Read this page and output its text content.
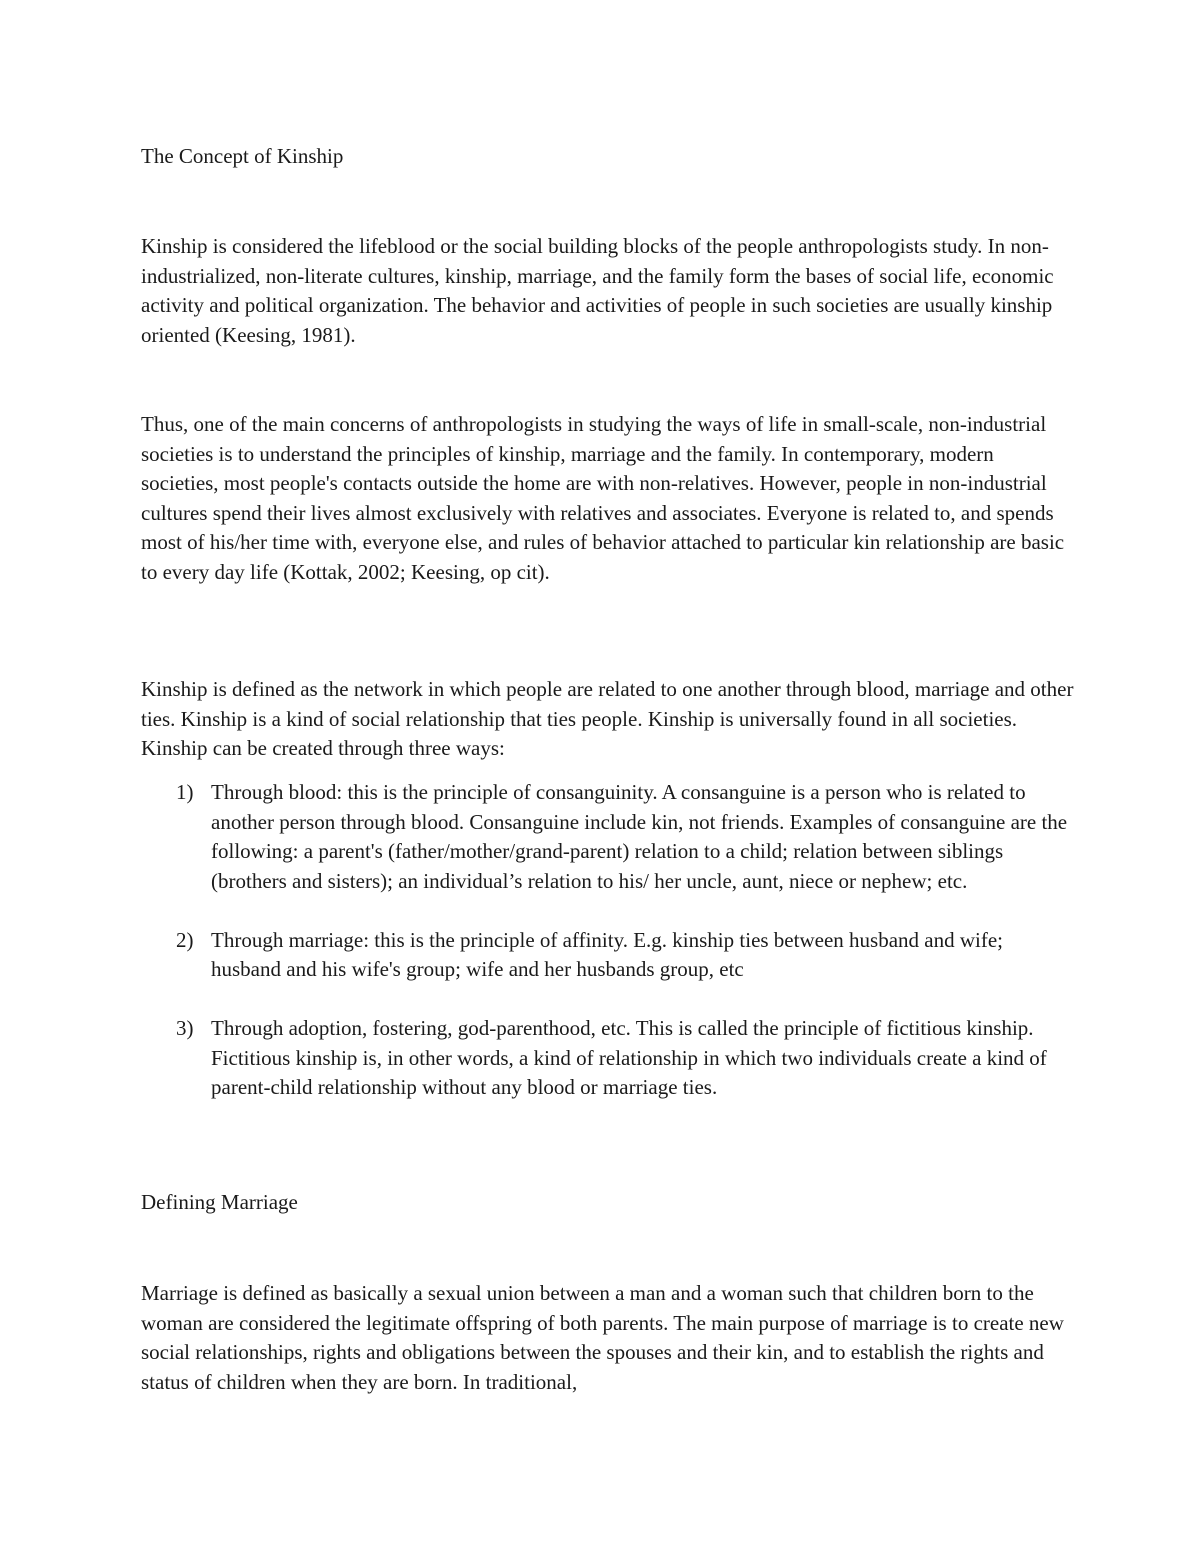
The Concept of Kinship

Kinship is considered the lifeblood or the social building blocks of the people anthropologists study. In non- industrialized, non-literate cultures, kinship, marriage, and the family form the bases of social life, economic activity and political organization. The behavior and activities of people in such societies are usually kinship oriented (Keesing, 1981).

Thus, one of the main concerns of anthropologists in studying the ways of life in small-scale, non-industrial societies is to understand the principles of kinship, marriage and the family. In contemporary, modern societies, most people's contacts outside the home are with non-relatives. However, people in non-industrial cultures spend their lives almost exclusively with relatives and associates. Everyone is related to, and spends most of his/her time with, everyone else, and rules of behavior attached to particular kin relationship are basic to every day life (Kottak, 2002; Keesing, op cit).

Kinship is defined as the network in which people are related to one another through blood, marriage and other ties. Kinship is a kind of social relationship that ties people. Kinship is universally found in all societies. Kinship can be created through three ways:

1) Through blood: this is the principle of consanguinity. A consanguine is a person who is related to another person through blood. Consanguine include kin, not friends. Examples of consanguine are the following: a parent's (father/mother/grand-parent) relation to a child; relation between siblings (brothers and sisters); an individual’s relation to his/ her uncle, aunt, niece or nephew; etc.
2) Through marriage: this is the principle of affinity. E.g. kinship ties between husband and wife; husband and his wife's group; wife and her husbands group, etc
3) Through adoption, fostering, god-parenthood, etc. This is called the principle of fictitious kinship. Fictitious kinship is, in other words, a kind of relationship in which two individuals create a kind of parent-child relationship without any blood or marriage ties.

Defining Marriage

Marriage is defined as basically a sexual union between a man and a woman such that children born to the woman are considered the legitimate offspring of both parents. The main purpose of marriage is to create new social relationships, rights and obligations between the spouses and their kin, and to establish the rights and status of children when they are born. In traditional,
